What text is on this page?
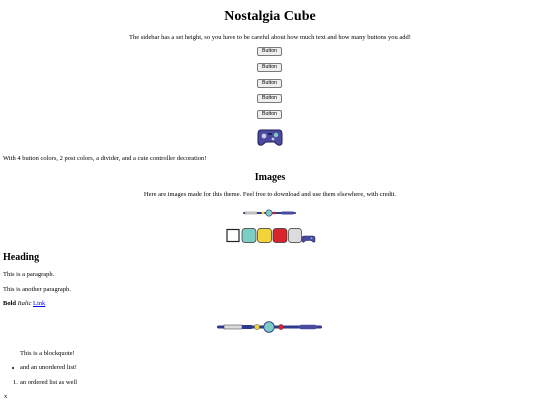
Nostalgia Cube
The sidebar has a set height, so you have to be careful about how much text and how many buttons you add!
Button
Button
Button
Button
Button
With 4 button colors, 2 post colors, a divider, and a cute controller decoration!
Images
Here are images made for this theme. Feel free to download and use them elsewhere, with credit.
Heading
This is a paragraph.
This is another paragraph.
Bold Italic Link
This is a blockquote!
and an unordered list!
1. an ordered list as well
x
